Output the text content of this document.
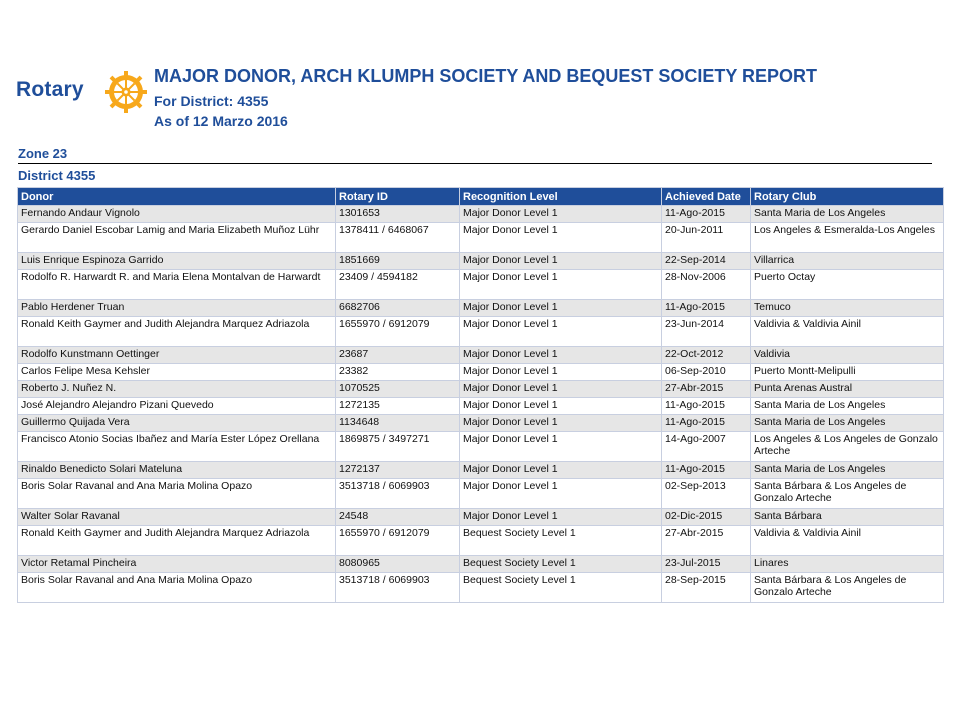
Rotary
MAJOR DONOR, ARCH KLUMPH SOCIETY AND BEQUEST SOCIETY REPORT
For District: 4355
As of 12 Marzo 2016
Zone 23
District 4355
Donor	Rotary ID	Recognition Level	Achieved Date	Rotary Club
Fernando Andaur Vignolo	1301653	Major Donor Level 1	11-Ago-2015	Santa Maria de Los Angeles
Gerardo Daniel Escobar Lamig and Maria Elizabeth Muñoz Lühr	1378411 / 6468067	Major Donor Level 1	20-Jun-2011	Los Angeles & Esmeralda-Los Angeles
Luis Enrique Espinoza Garrido	1851669	Major Donor Level 1	22-Sep-2014	Villarrica
Rodolfo R. Harwardt R. and Maria Elena Montalvan de Harwardt	23409 / 4594182	Major Donor Level 1	28-Nov-2006	Puerto Octay
Pablo Herdener Truan	6682706	Major Donor Level 1	11-Ago-2015	Temuco
Ronald Keith Gaymer and Judith Alejandra Marquez Adriazola	1655970 / 6912079	Major Donor Level 1	23-Jun-2014	Valdivia & Valdivia Ainil
Rodolfo Kunstmann Oettinger	23687	Major Donor Level 1	22-Oct-2012	Valdivia
Carlos Felipe Mesa Kehsler	23382	Major Donor Level 1	06-Sep-2010	Puerto Montt-Melipulli
Roberto J. Nuñez N.	1070525	Major Donor Level 1	27-Abr-2015	Punta Arenas Austral
José Alejandro Alejandro Pizani Quevedo	1272135	Major Donor Level 1	11-Ago-2015	Santa Maria de Los Angeles
Guillermo Quijada Vera	1134648	Major Donor Level 1	11-Ago-2015	Santa Maria de Los Angeles
Francisco Atonio Socias Ibañez and María Ester López Orellana	1869875 / 3497271	Major Donor Level 1	14-Ago-2007	Los Angeles & Los Angeles de Gonzalo Arteche
Rinaldo Benedicto Solari Mateluna	1272137	Major Donor Level 1	11-Ago-2015	Santa Maria de Los Angeles
Boris Solar Ravanal and Ana Maria Molina Opazo	3513718 / 6069903	Major Donor Level 1	02-Sep-2013	Santa Bárbara & Los Angeles de Gonzalo Arteche
Walter Solar Ravanal	24548	Major Donor Level 1	02-Dic-2015	Santa Bárbara
Ronald Keith Gaymer and Judith Alejandra Marquez Adriazola	1655970 / 6912079	Bequest Society Level 1	27-Abr-2015	Valdivia & Valdivia Ainil
Victor Retamal Pincheira	8080965	Bequest Society Level 1	23-Jul-2015	Linares
Boris Solar Ravanal and Ana Maria Molina Opazo	3513718 / 6069903	Bequest Society Level 1	28-Sep-2015	Santa Bárbara & Los Angeles de Gonzalo Arteche
